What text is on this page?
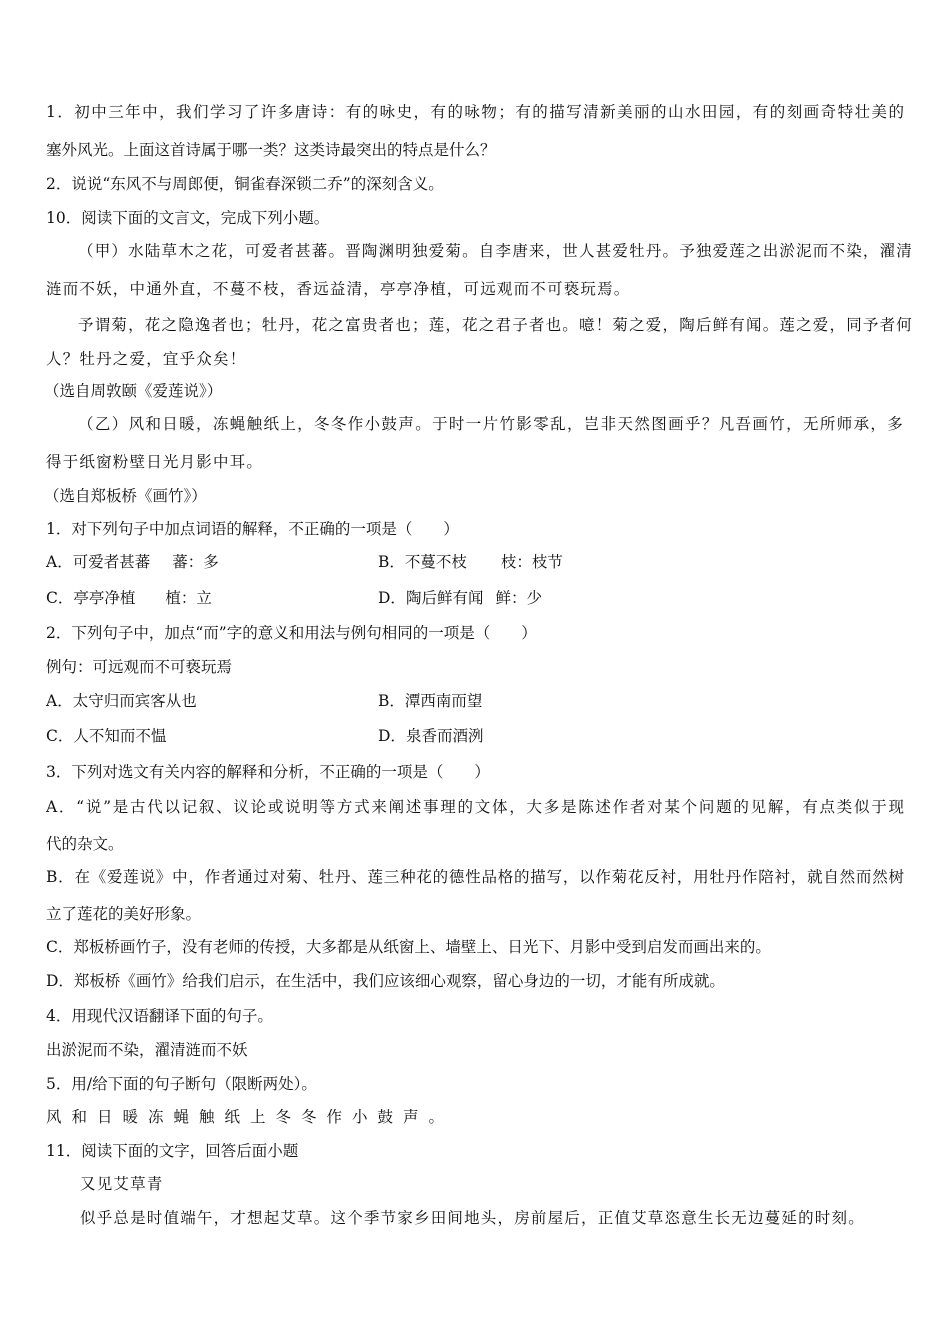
1．初中三年中，我们学习了许多唐诗：有的咏史，有的咏物；有的描写清新美丽的山水田园，有的刻画奇特壮美的
塞外风光。上面这首诗属于哪一类？这类诗最突出的特点是什么？
2．说说“东风不与周郎便，铜雀春深锁二乔”的深刻含义。
10．阅读下面的文言文，完成下列小题。
（甲）水陆草木之花，可爱者甚蕃。晋陶渊明独爱菊。自李唐来，世人甚爱牡丹。予独爱莲之出淤泥而不染，濯清
涟而不妖，中通外直，不蔓不枝，香远益清，亭亭净植，可远观而不可亵玩焉。
予谓菊，花之隐逸者也；牡丹，花之富贵者也；莲，花之君子者也。噫！菊之爱，陶后鲜有闻。莲之爱，同予者何
人？牡丹之爱，宜乎众矣！
（选自周敦颐《爱莲说》）
（乙）风和日暖，冻蝇触纸上，冬冬作小鼓声。于时一片竹影零乱，岂非天然图画乎？凡吾画竹，无所师承，多
得于纸窗粉壁日光月影中耳。
（选自郑板桥《画竹》）
1．对下列句子中加点词语的解释，不正确的一项是（　　）
A．可爱者甚蕃 蕃：多	B．不蔓不枝 枝：枝节
C．亭亭净植 植：立	D．陶后鲜有闻 鲜：少
2．下列句子中，加点“而”字的意义和用法与例句相同的一项是（　　）
例句：可远观而不可亵玩焉
A．太守归而宾客从也	B．潭西南而望
C．人不知而不愠	D．泉香而酒洌
3．下列对选文有关内容的解释和分析，不正确的一项是（　　）
A．“说”是古代以记叙、议论或说明等方式来阐述事理的文体，大多是陈述作者对某个问题的见解，有点类似于现
代的杂文。
B．在《爱莲说》中，作者通过对菊、牡丹、莲三种花的德性品格的描写，以作菊花反衬，用牡丹作陪衬，就自然而然树
立了莲花的美好形象。
C．郑板桥画竹子，没有老师的传授，大多都是从纸窗上、墙壁上、日光下、月影中受到启发而画出来的。
D．郑板桥《画竹》给我们启示，在生活中，我们应该细心观察，留心身边的一切，才能有所成就。
4．用现代汉语翻译下面的句子。
出淤泥而不染，濯清涟而不妖
5．用/给下面的句子断句（限断两处）。
风和日暖冻蝇触纸上冬冬作小鼓声。
11．阅读下面的文字，回答后面小题
又见艾草青
似乎总是时值端午，才想起艾草。这个季节家乡田间地头，房前屋后，正值艾草恣意生长无边蔓延的时刻。
